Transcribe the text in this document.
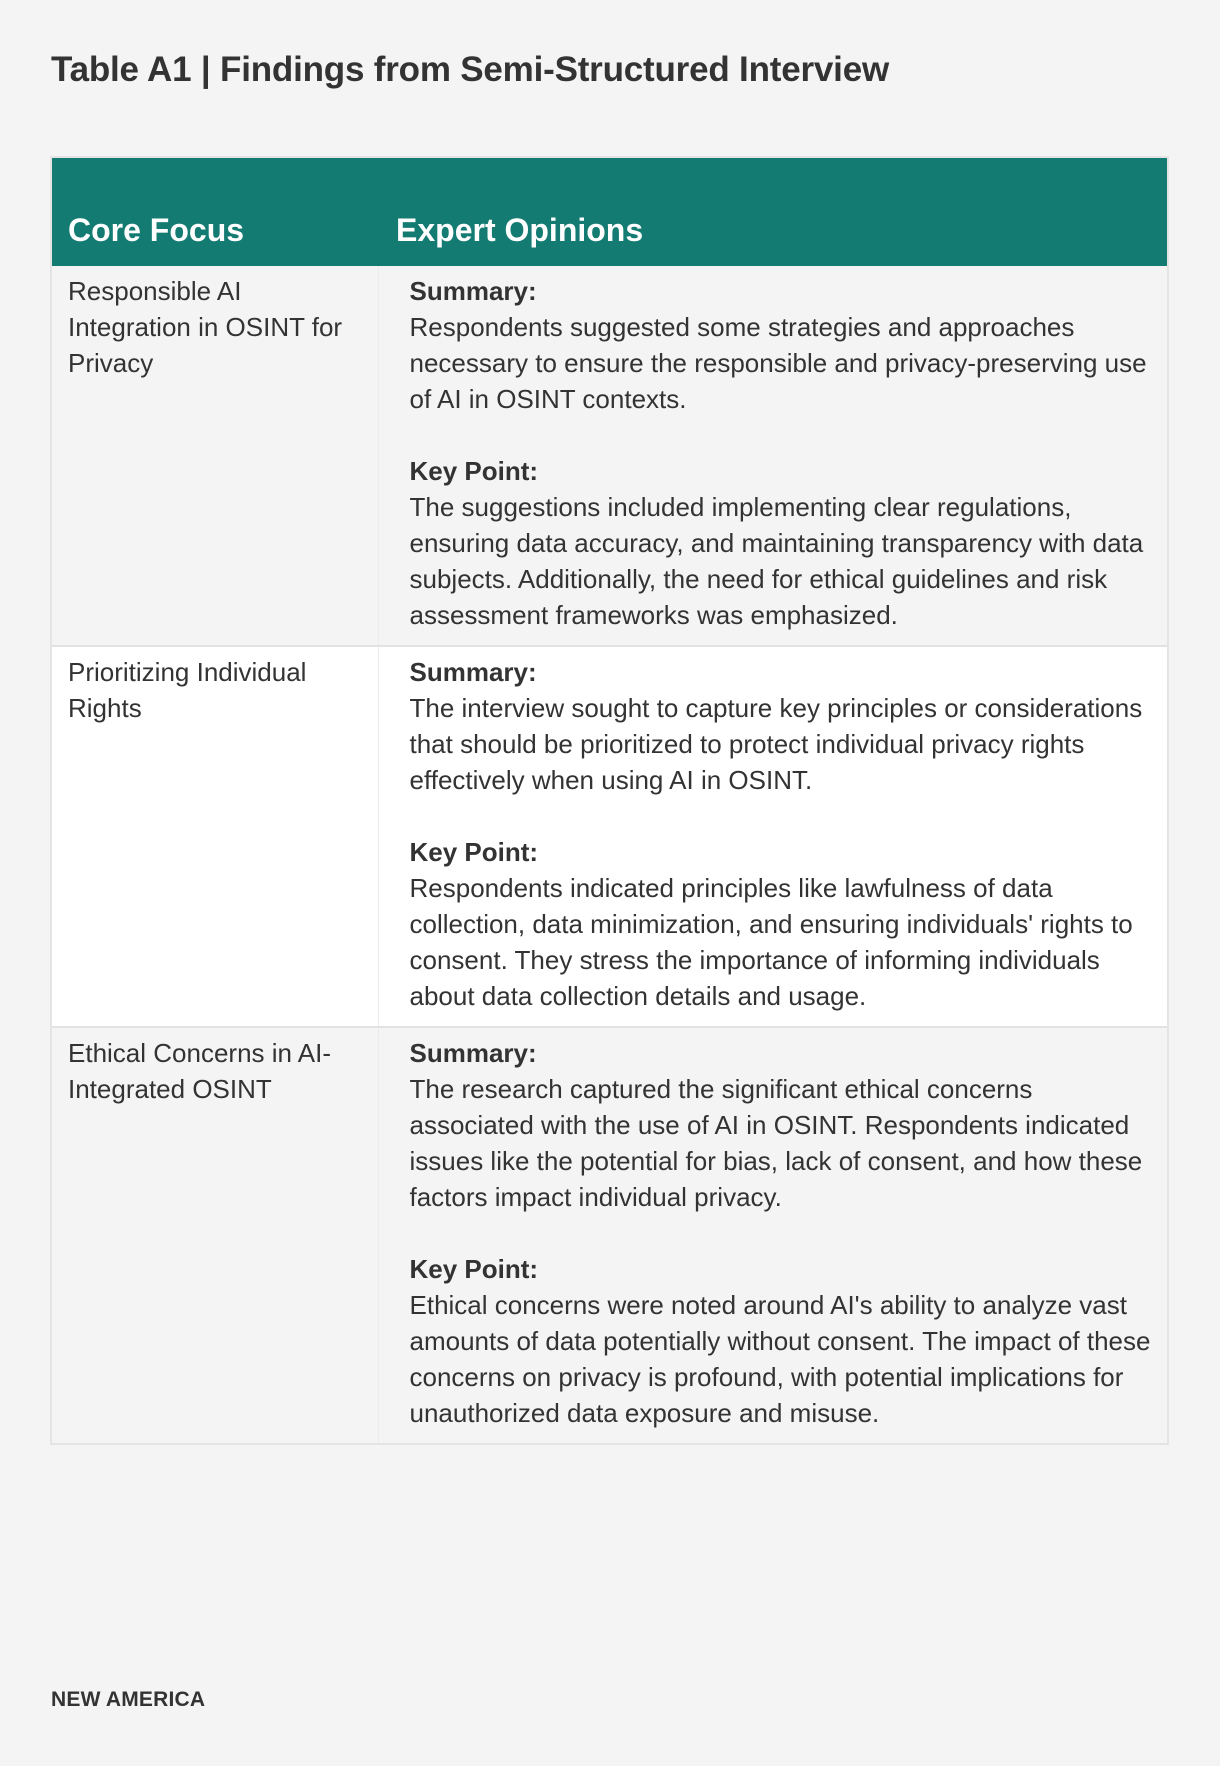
Table A1 | Findings from Semi-Structured Interview
Core Focus	Expert Opinions
Responsible AI Integration in OSINT for Privacy	Summary:
Respondents suggested some strategies and approaches necessary to ensure the responsible and privacy-preserving use of AI in OSINT contexts.
Key Point:
The suggestions included implementing clear regulations, ensuring data accuracy, and maintaining transparency with data subjects. Additionally, the need for ethical guidelines and risk assessment frameworks was emphasized.

Prioritizing Individual Rights	Summary:
The interview sought to capture key principles or considerations that should be prioritized to protect individual privacy rights effectively when using AI in OSINT.
Key Point:
Respondents indicated principles like lawfulness of data collection, data minimization, and ensuring individuals' rights to consent. They stress the importance of informing individuals about data collection details and usage.

Ethical Concerns in AI-Integrated OSINT	Summary:
The research captured the significant ethical concerns associated with the use of AI in OSINT. Respondents indicated issues like the potential for bias, lack of consent, and how these factors impact individual privacy.
Key Point:
Ethical concerns were noted around AI's ability to analyze vast amounts of data potentially without consent. The impact of these concerns on privacy is profound, with potential implications for unauthorized data exposure and misuse.

NEW AMERICA
